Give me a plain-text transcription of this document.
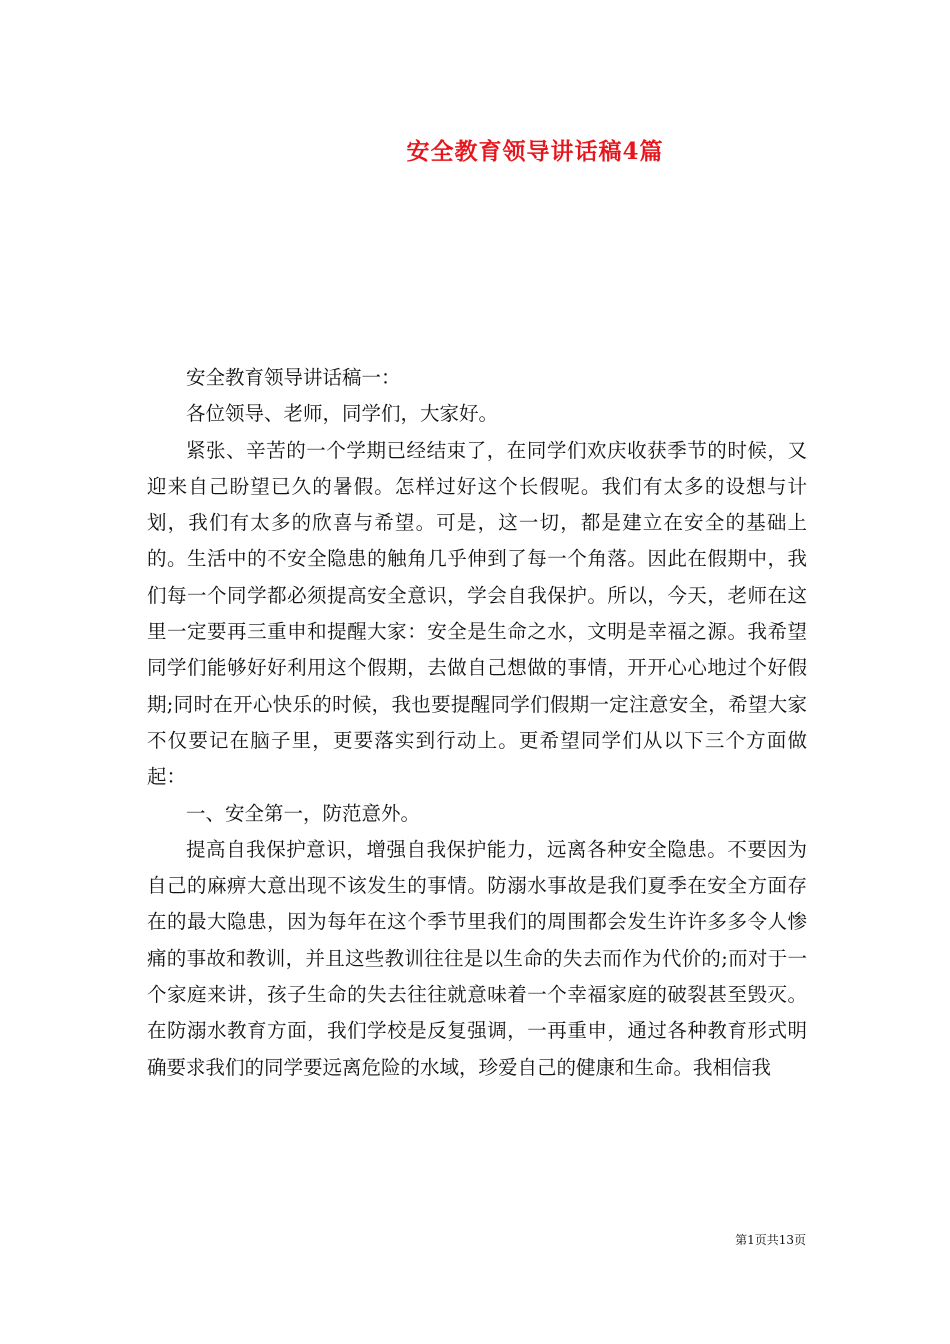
安全教育领导讲话稿4篇

安全教育领导讲话稿一：

各位领导、老师，同学们，大家好。

紧张、辛苦的一个学期已经结束了，在同学们欢庆收获季节的时候，又迎来自己盼望已久的暑假。怎样过好这个长假呢。我们有太多的设想与计划，我们有太多的欣喜与希望。可是，这一切，都是建立在安全的基础上的。生活中的不安全隐患的触角几乎伸到了每一个角落。因此在假期中，我们每一个同学都必须提高安全意识，学会自我保护。所以，今天，老师在这里一定要再三重申和提醒大家：安全是生命之水，文明是幸福之源。我希望同学们能够好好利用这个假期，去做自己想做的事情，开开心心地过个好假期;同时在开心快乐的时候，我也要提醒同学们假期一定注意安全，希望大家不仅要记在脑子里，更要落实到行动上。更希望同学们从以下三个方面做起：

一、安全第一，防范意外。

提高自我保护意识，增强自我保护能力，远离各种安全隐患。不要因为自己的麻痹大意出现不该发生的事情。防溺水事故是我们夏季在安全方面存在的最大隐患，因为每年在这个季节里我们的周围都会发生许许多多令人惨痛的事故和教训，并且这些教训往往是以生命的失去而作为代价的;而对于一个家庭来讲，孩子生命的失去往往就意味着一个幸福家庭的破裂甚至毁灭。在防溺水教育方面，我们学校是反复强调，一再重申，通过各种教育形式明确要求我们的同学要远离危险的水域，珍爱自己的健康和生命。我相信我

第1页共13页
